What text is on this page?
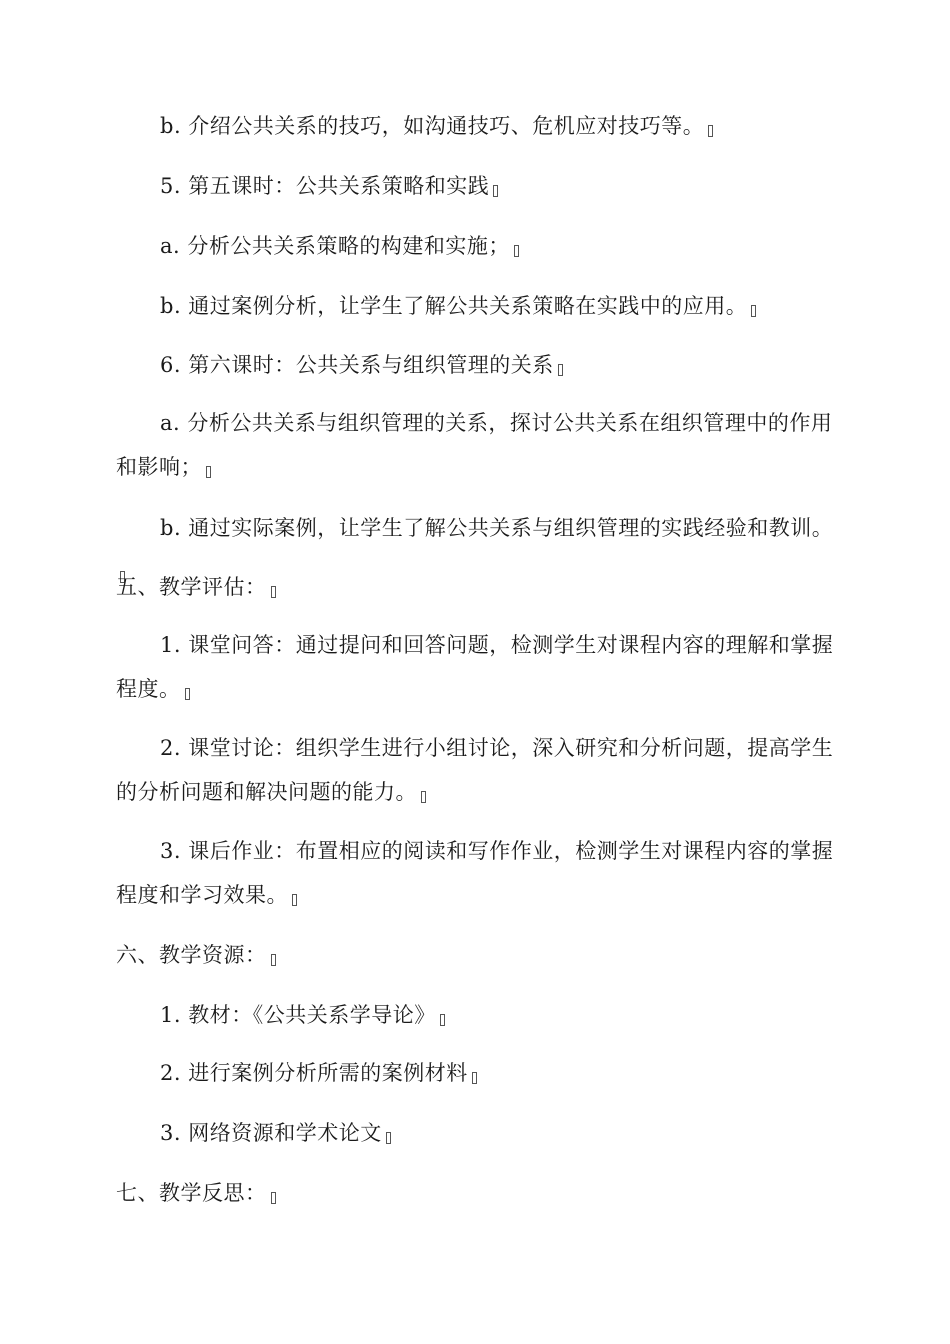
b. 介绍公共关系的技巧，如沟通技巧、危机应对技巧等。
5. 第五课时：公共关系策略和实践
a. 分析公共关系策略的构建和实施；
b. 通过案例分析，让学生了解公共关系策略在实践中的应用。
6. 第六课时：公共关系与组织管理的关系
a. 分析公共关系与组织管理的关系，探讨公共关系在组织管理中的作用和影响；
b. 通过实际案例，让学生了解公共关系与组织管理的实践经验和教训。
五、教学评估：
1. 课堂问答：通过提问和回答问题，检测学生对课程内容的理解和掌握程度。
2. 课堂讨论：组织学生进行小组讨论，深入研究和分析问题，提高学生的分析问题和解决问题的能力。
3. 课后作业：布置相应的阅读和写作作业，检测学生对课程内容的掌握程度和学习效果。
六、教学资源：
1. 教材：《公共关系学导论》
2. 进行案例分析所需的案例材料
3. 网络资源和学术论文
七、教学反思：
